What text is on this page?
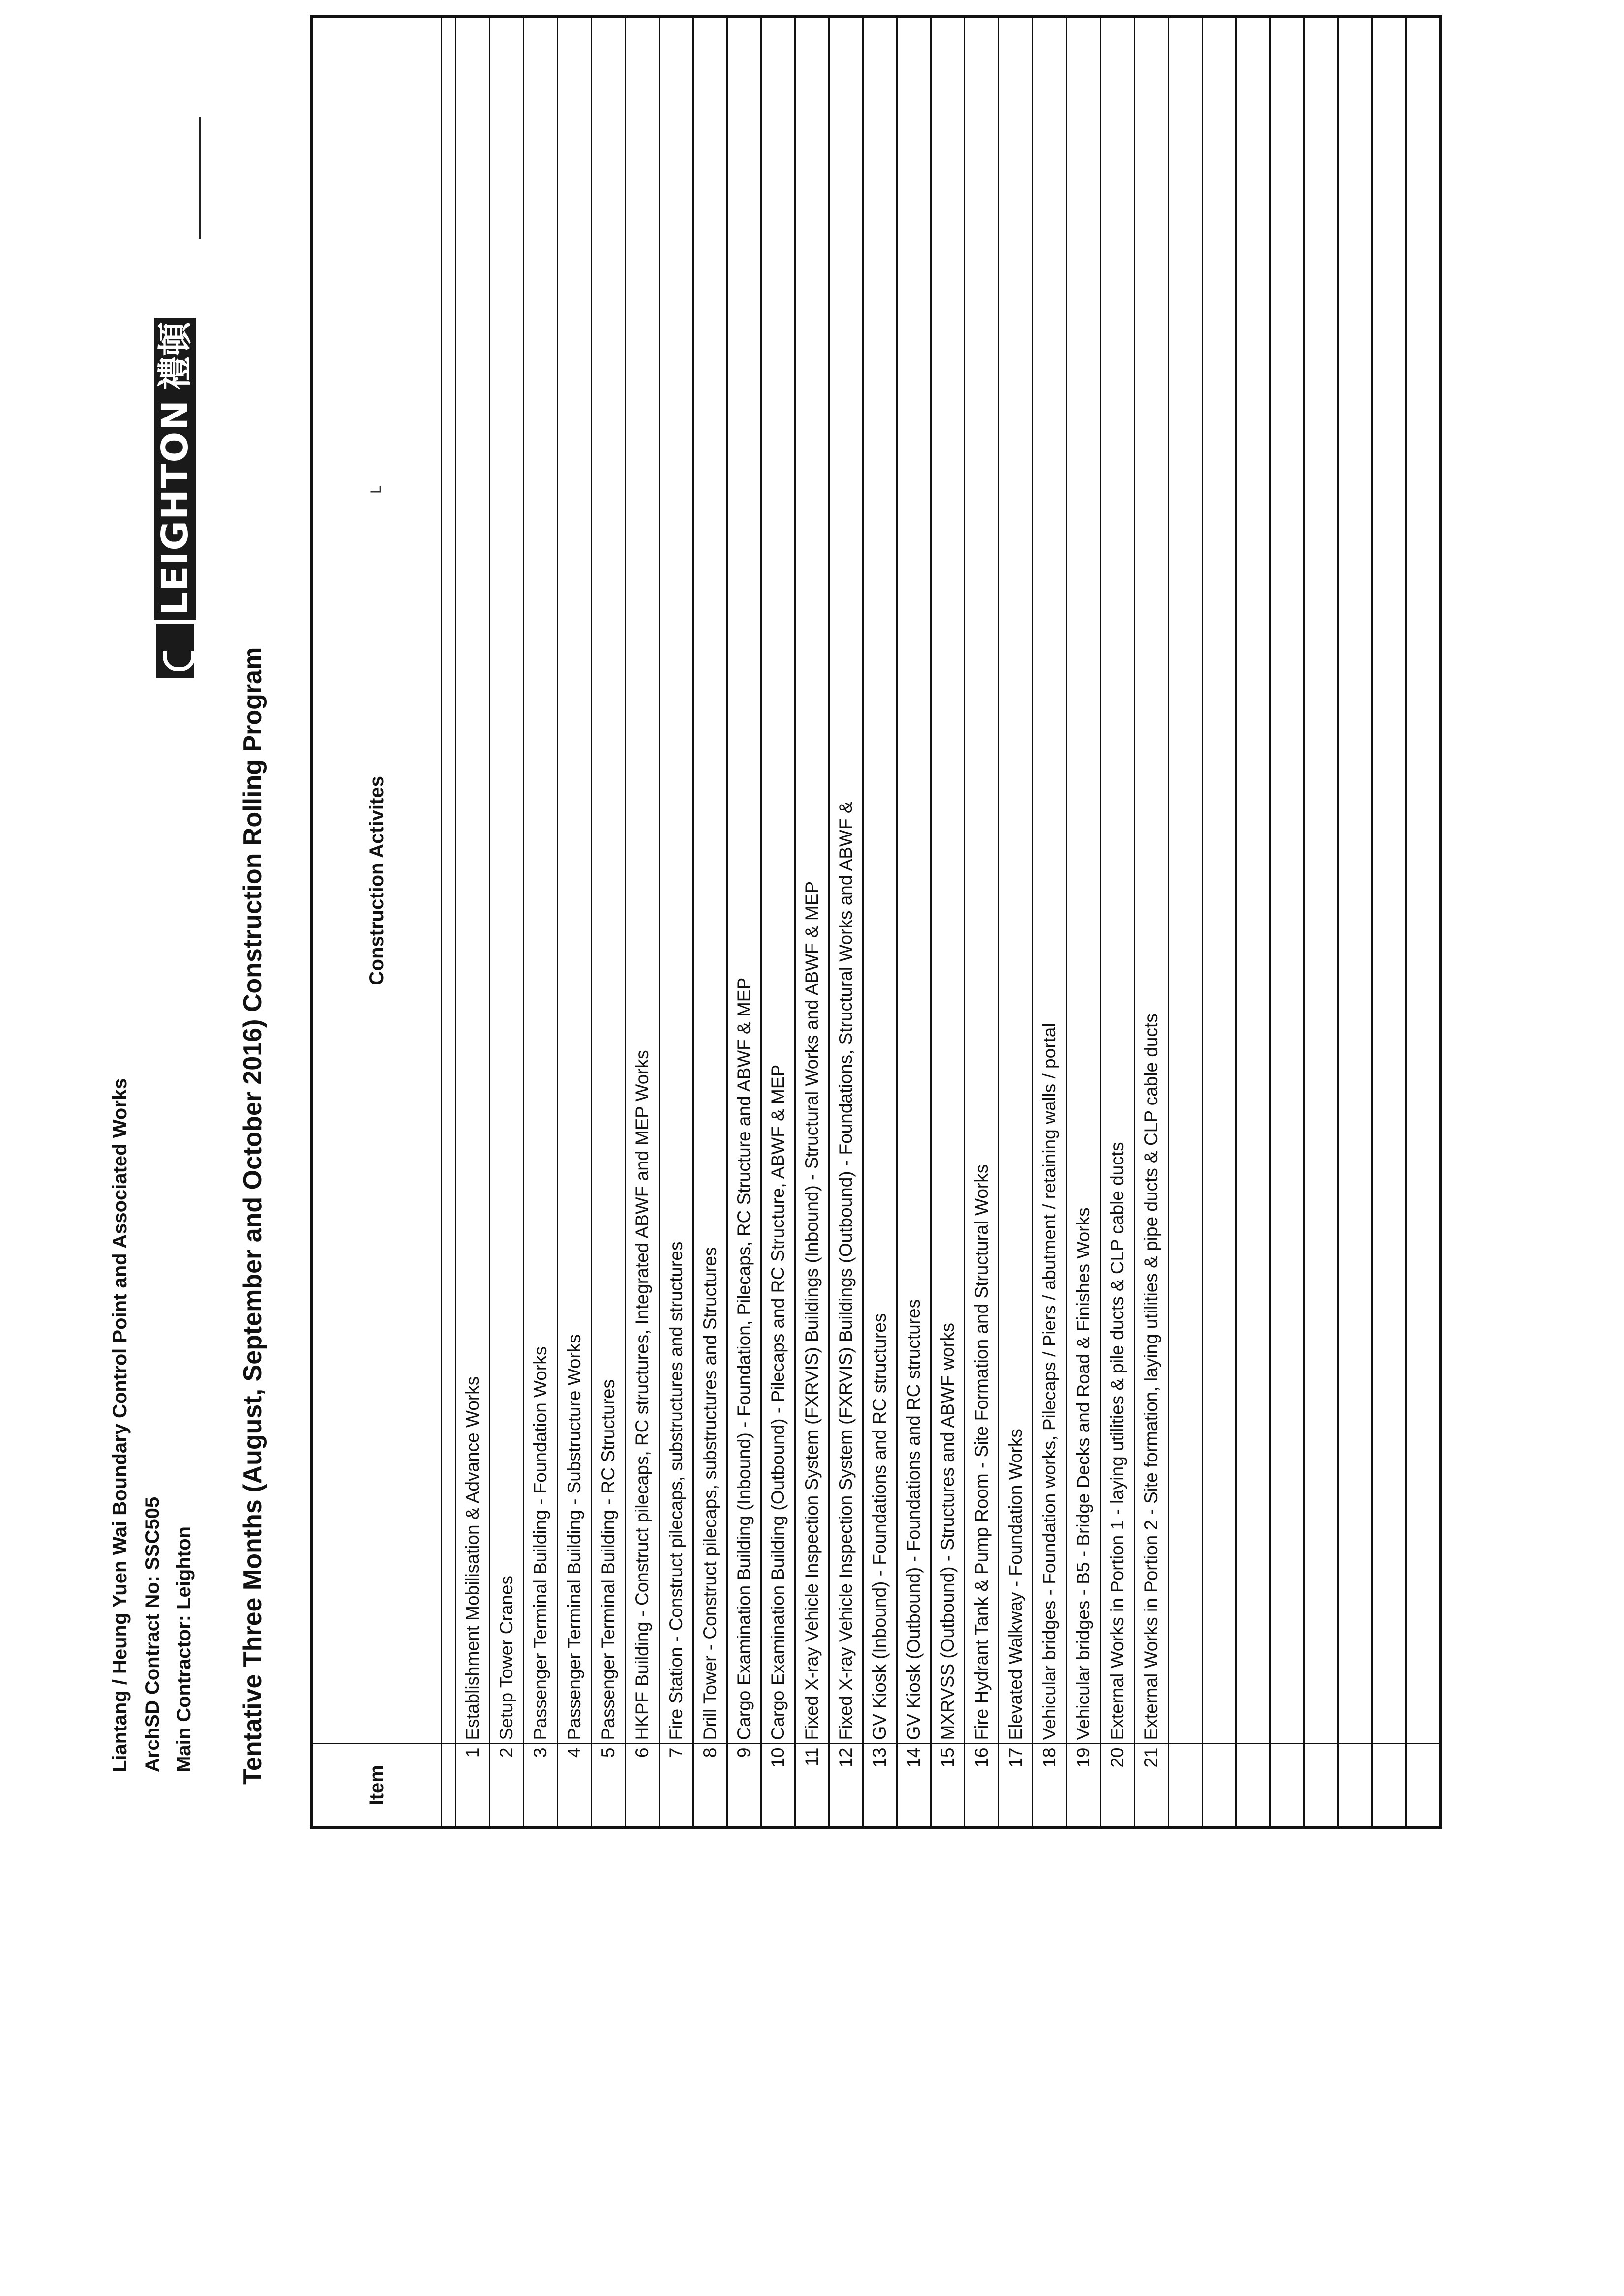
Liantang / Heung Yuen Wai Boundary Control Point and Associated Works ArchSD Contract No: SSC505 Main Contractor: Leighton
LEIGHTON
禮頓
Tentative Three Months (August, September and October 2016) Construction Rolling Program
L
Item	Construction Activites

1	Establishment Mobilisation & Advance Works
2	Setup Tower Cranes
3	Passenger Terminal Building - Foundation Works
4	Passenger Terminal Building - Substructure Works
5	Passenger Terminal Building - RC Structures
6	HKPF Building - Construct pilecaps, RC structures, Integrated ABWF and MEP Works
7	Fire Station - Construct pilecaps, substructures and structures
8	Drill Tower - Construct pilecaps, substructures and Structures
9	Cargo Examination Building (Inbound) - Foundation, Pilecaps, RC Structure and ABWF & MEP
10	Cargo Examination Building (Outbound) - Pilecaps and RC Structure, ABWF & MEP
11	Fixed X-ray Vehicle Inspection System (FXRVIS) Buildings (Inbound) - Structural Works and ABWF & MEP
12	Fixed X-ray Vehicle Inspection System (FXRVIS) Buildings (Outbound) - Foundations, Structural Works and ABWF &
13	GV Kiosk (Inbound) - Foundations and RC structures
14	GV Kiosk (Outbound) - Foundations and RC structures
15	MXRVSS (Outbound) - Structures and ABWF works
16	Fire Hydrant Tank & Pump Room - Site Formation and Structural Works
17	Elevated Walkway - Foundation Works
18	Vehicular bridges - Foundation works, Pilecaps / Piers / abutment / retaining walls / portal
19	Vehicular bridges - B5 - Bridge Decks and Road & Finishes Works
20	External Works in Portion 1 - laying utilities & pile ducts & CLP cable ducts
21	External Works in Portion 2 - Site formation, laying utilities & pipe ducts & CLP cable ducts
